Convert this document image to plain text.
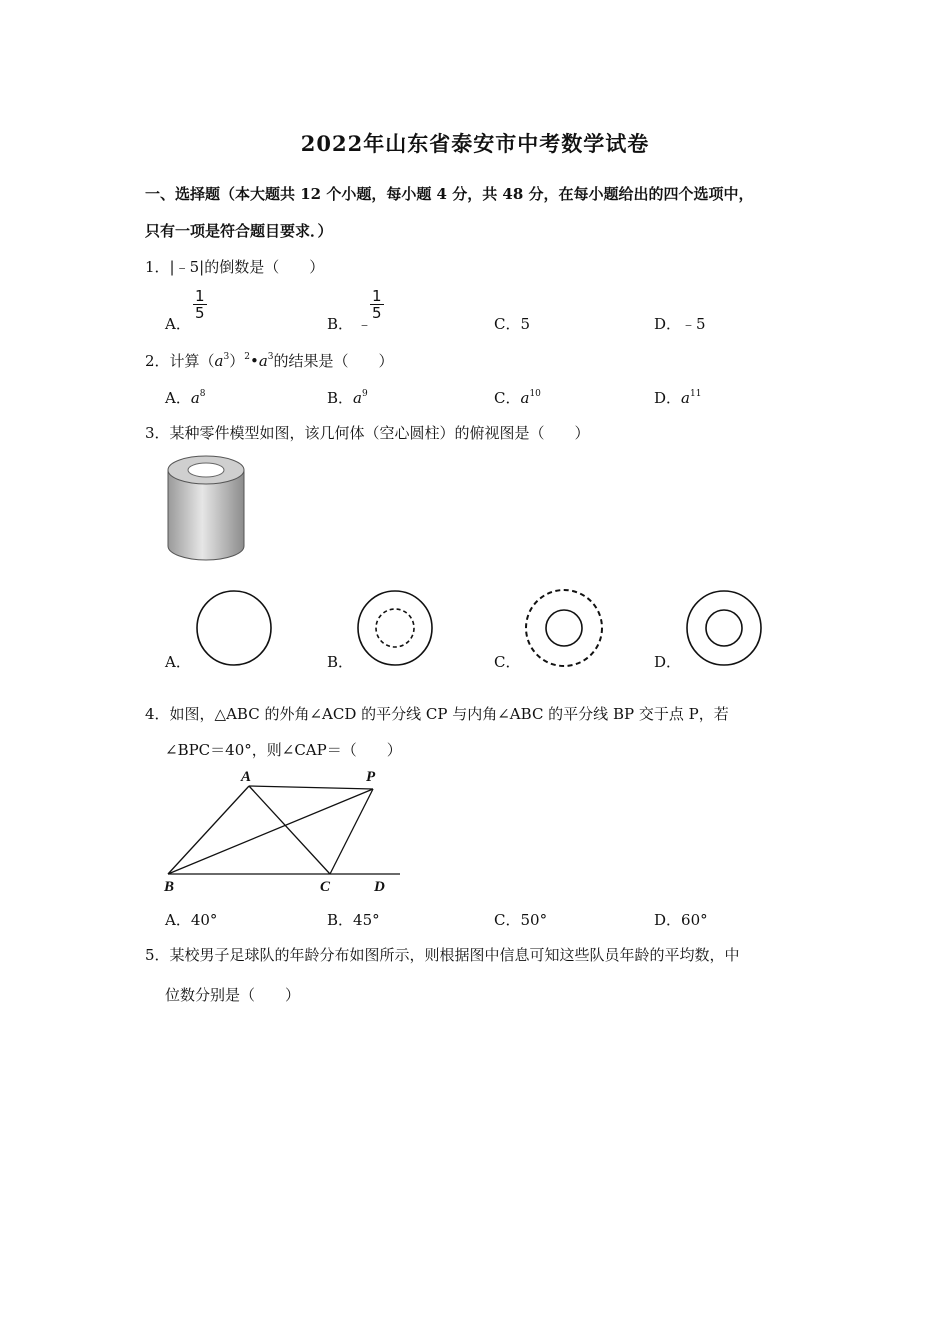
2022年山东省泰安市中考数学试卷
一、选择题（本大题共 12 个小题，每小题 4 分，共 48 分，在每小题给出的四个选项中，
只有一项是符合题目要求．）
1．|﹣5|的倒数是（　　）
A．
$\frac{1}{5}$
B． ﹣
$\frac{1}{5}$
C．5	D．﹣5
2．计算$(a^3)^2•a^3$的结果是（　　）
A．$a^8$	B．$a^9$	C．$a^{10}$	D．$a^{11}$
3．某种零件模型如图，该几何体（空心圆柱）的俯视图是（　　）
A．	B．	C．	D．
4．如图，△ABC 的外角∠ACD 的平分线 CP 与内角∠ABC 的平分线 BP 交于点 P，若
∠BPC＝40°，则∠CAP＝（　　）
A	P
B	C	D
A．40°	B．45°	C．50°	D．60°
5．某校男子足球队的年龄分布如图所示，则根据图中信息可知这些队员年龄的平均数，中
位数分别是（　　）
